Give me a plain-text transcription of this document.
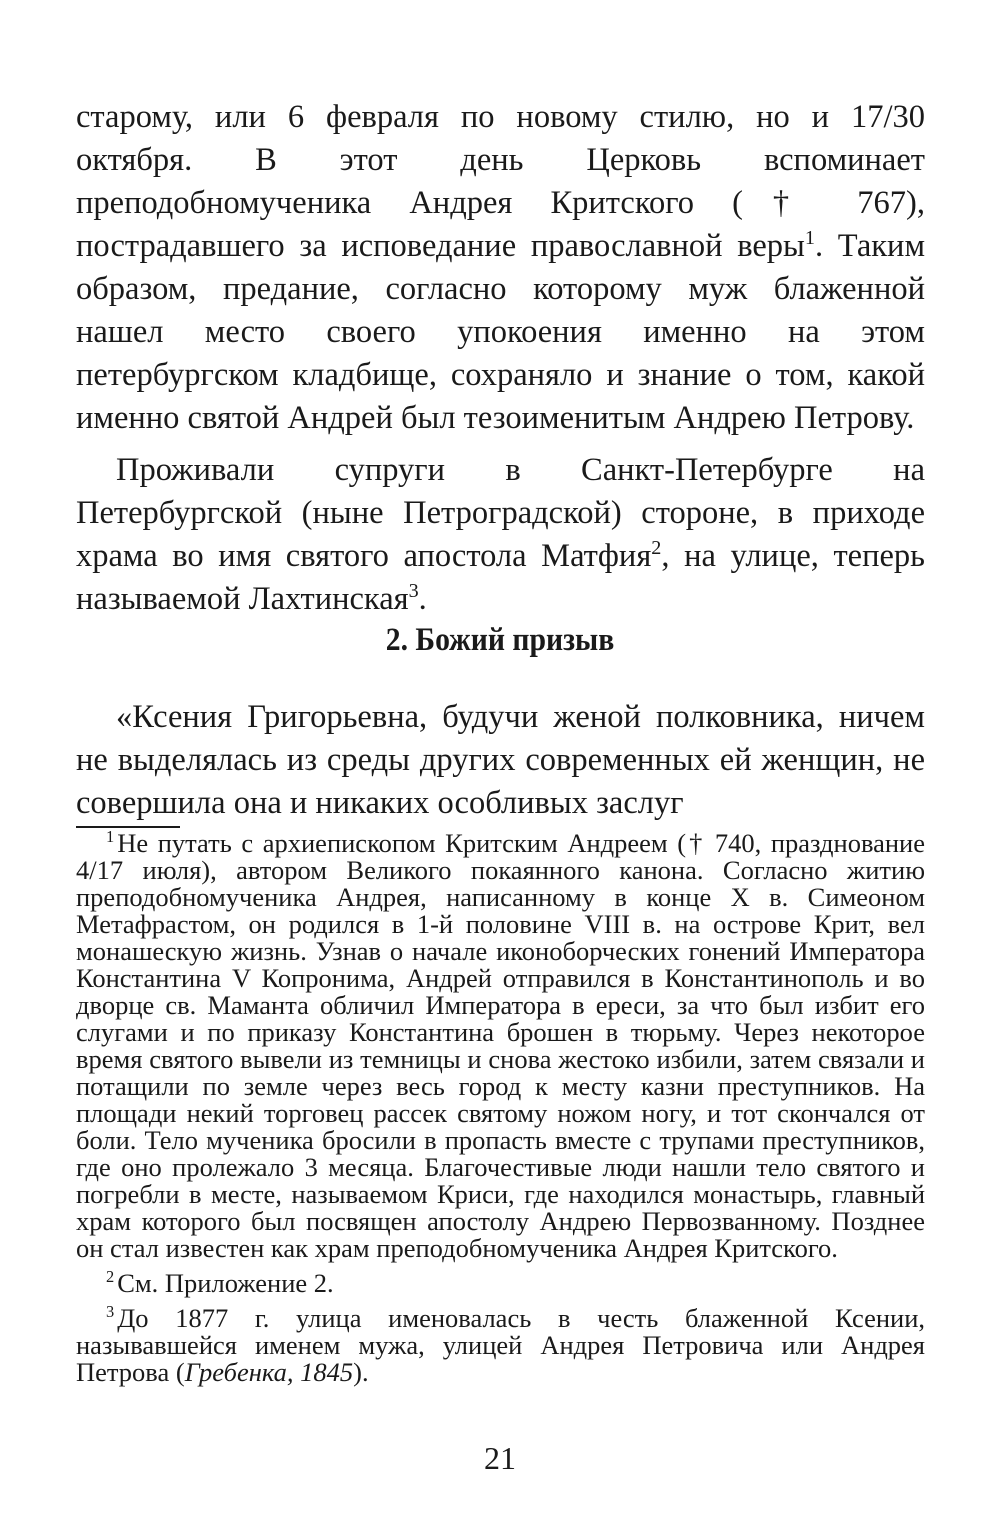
старому, или 6 февраля по новому стилю, но и 17/30 октября. В этот день Церковь вспоминает преподобномученика Андрея Критского († 767), пострадавшего за исповедание православной веры$^1$. Таким образом, предание, согласно которому муж блаженной нашел место своего упокоения именно на этом петербургском кладбище, сохраняло и знание о том, какой именно святой Андрей был тезоименитым Андрею Петрову.

Проживали супруги в Санкт-Петербурге на Петербургской (ныне Петроградской) стороне, в приходе храма во имя святого апостола Матфия$^2$, на улице, теперь называемой Лахтинская$^3$.

2. Божий призыв
«Ксения Григорьевна, будучи женой полковника, ничем не выделялась из среды других современных ей женщин, не совершила она и никаких особливых заслуг

$^1$ Не путать с архиепископом Критским Андреем († 740, празднование 4/17 июля), автором Великого покаянного канона. Согласно житию преподобномученика Андрея, написанному в конце X в. Симеоном Метафрастом, он родился в 1-й половине VIII в. на острове Крит, вел монашескую жизнь. Узнав о начале иконоборческих гонений Императора Константина V Копронима, Андрей отправился в Константинополь и во дворце св. Маманта обличил Императора в ереси, за что был избит его слугами и по приказу Константина брошен в тюрьму. Через некоторое время святого вывели из темницы и снова жестоко избили, затем связали и потащили по земле через весь город к месту казни преступников. На площади некий торговец рассек святому ножом ногу, и тот скончался от боли. Тело мученика бросили в пропасть вместе с трупами преступников, где оно пролежало 3 месяца. Благочестивые люди нашли тело святого и погребли в месте, называемом Криси, где находился монастырь, главный храм которого был посвящен апостолу Андрею Первозванному. Позднее он стал известен как храм преподобномученика Андрея Критского.

$^2$ См. Приложение 2.

$^3$ До 1877 г. улица именовалась в честь блаженной Ксении, называвшейся именем мужа, улицей Андрея Петровича или Андрея Петрова (Гребенка, 1845).

21
